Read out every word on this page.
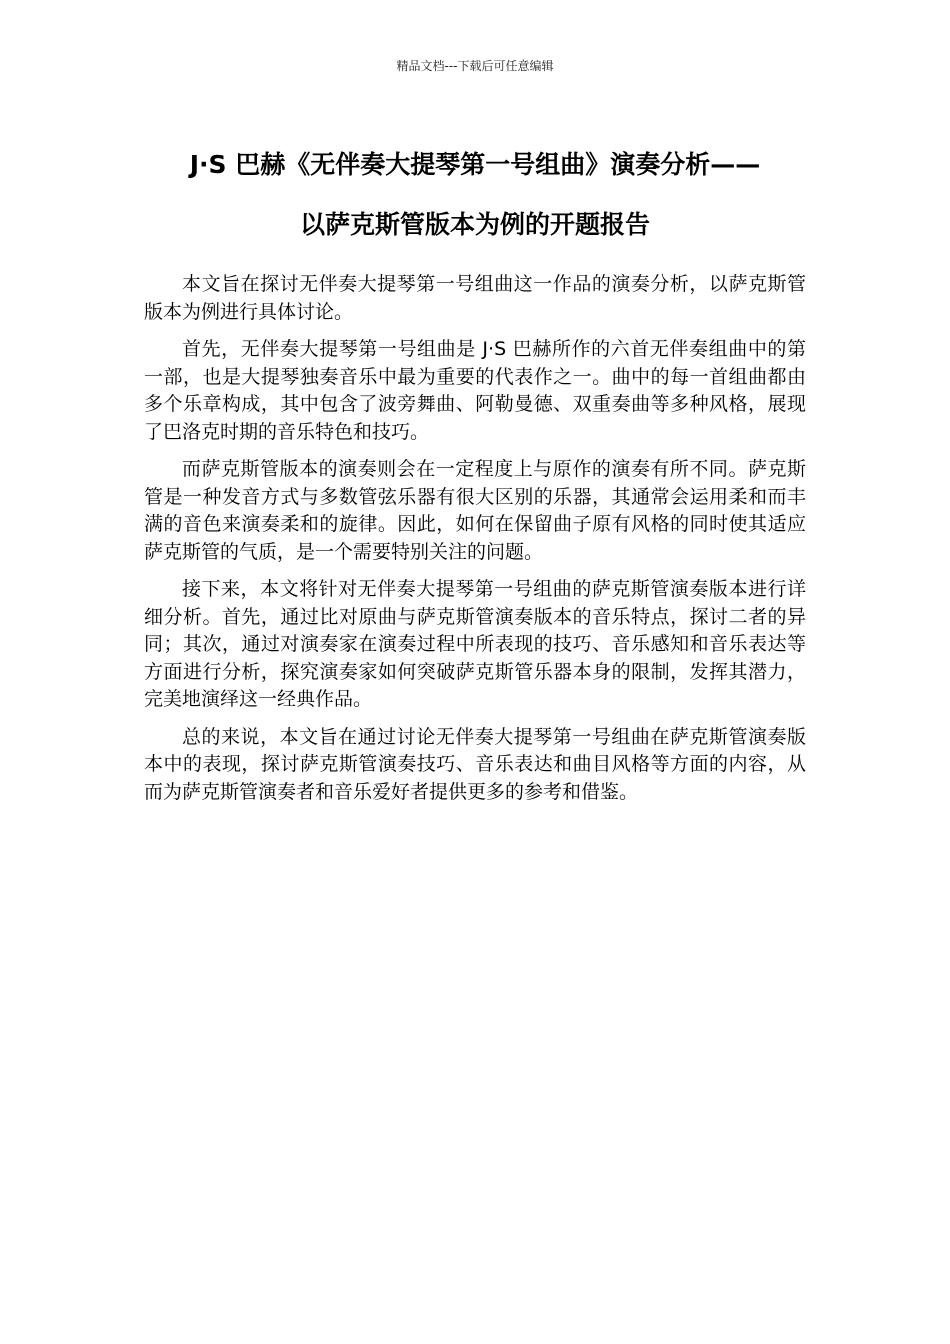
精品文档---下载后可任意编辑
J·S 巴赫《无伴奏大提琴第一号组曲》演奏分析——
以萨克斯管版本为例的开题报告

本文旨在探讨无伴奏大提琴第一号组曲这一作品的演奏分析，以萨克斯管版本为例进行具体讨论。

首先，无伴奏大提琴第一号组曲是 J·S 巴赫所作的六首无伴奏组曲中的第一部，也是大提琴独奏音乐中最为重要的代表作之一。曲中的每一首组曲都由多个乐章构成，其中包含了波旁舞曲、阿勒曼德、双重奏曲等多种风格，展现了巴洛克时期的音乐特色和技巧。

而萨克斯管版本的演奏则会在一定程度上与原作的演奏有所不同。萨克斯管是一种发音方式与多数管弦乐器有很大区别的乐器，其通常会运用柔和而丰满的音色来演奏柔和的旋律。因此，如何在保留曲子原有风格的同时使其适应萨克斯管的气质，是一个需要特别关注的问题。

接下来，本文将针对无伴奏大提琴第一号组曲的萨克斯管演奏版本进行详细分析。首先，通过比对原曲与萨克斯管演奏版本的音乐特点，探讨二者的异同；其次，通过对演奏家在演奏过程中所表现的技巧、音乐感知和音乐表达等方面进行分析，探究演奏家如何突破萨克斯管乐器本身的限制，发挥其潜力，完美地演绎这一经典作品。

总的来说，本文旨在通过讨论无伴奏大提琴第一号组曲在萨克斯管演奏版本中的表现，探讨萨克斯管演奏技巧、音乐表达和曲目风格等方面的内容，从而为萨克斯管演奏者和音乐爱好者提供更多的参考和借鉴。
